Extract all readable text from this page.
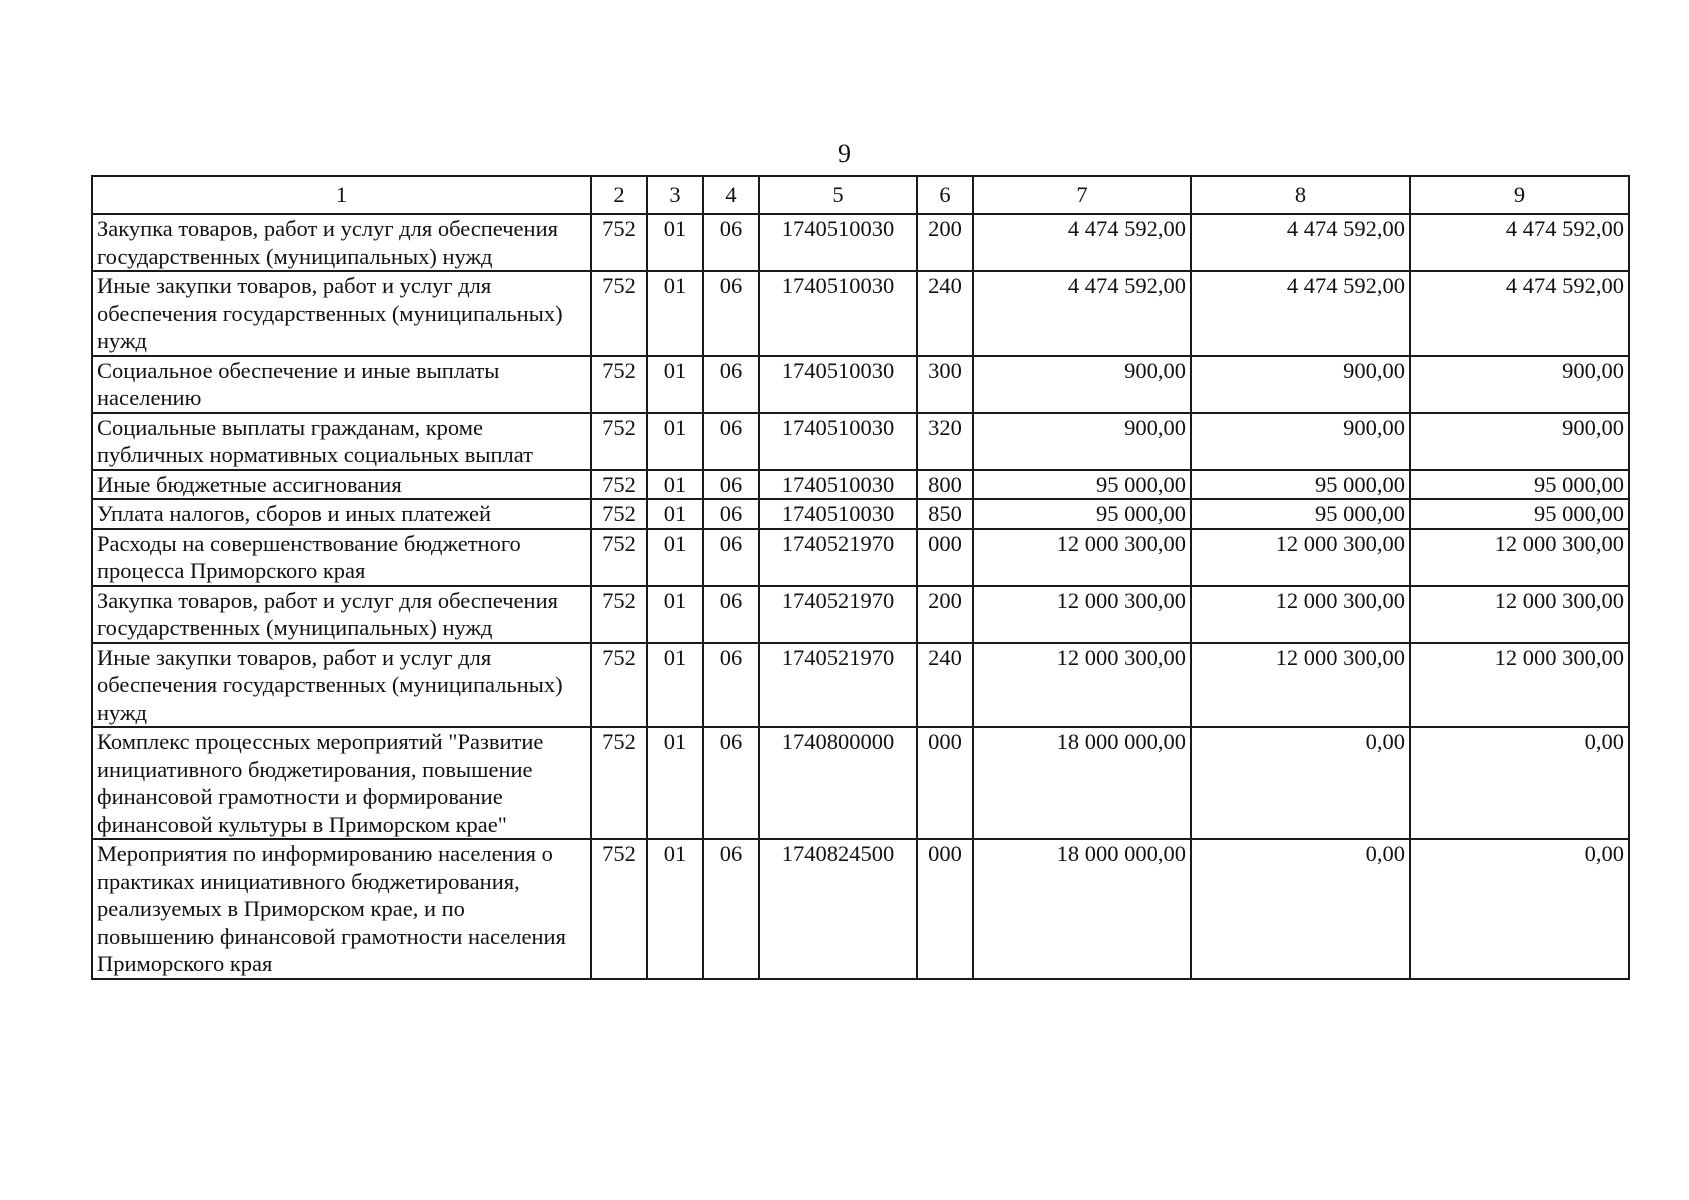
9
1	2	3	4	5	6	7	8	9
Закупка товаров, работ и услуг для обеспечения государственных (муниципальных) нужд	752	01	06	1740510030	200	4 474 592,00	4 474 592,00	4 474 592,00
Иные закупки товаров, работ и услуг для обеспечения государственных (муниципальных) нужд	752	01	06	1740510030	240	4 474 592,00	4 474 592,00	4 474 592,00
Социальное обеспечение и иные выплаты населению	752	01	06	1740510030	300	900,00	900,00	900,00
Социальные выплаты гражданам, кроме публичных нормативных социальных выплат	752	01	06	1740510030	320	900,00	900,00	900,00
Иные бюджетные ассигнования	752	01	06	1740510030	800	95 000,00	95 000,00	95 000,00
Уплата налогов, сборов и иных платежей	752	01	06	1740510030	850	95 000,00	95 000,00	95 000,00
Расходы на совершенствование бюджетного процесса Приморского края	752	01	06	1740521970	000	12 000 300,00	12 000 300,00	12 000 300,00
Закупка товаров, работ и услуг для обеспечения государственных (муниципальных) нужд	752	01	06	1740521970	200	12 000 300,00	12 000 300,00	12 000 300,00
Иные закупки товаров, работ и услуг для обеспечения государственных (муниципальных) нужд	752	01	06	1740521970	240	12 000 300,00	12 000 300,00	12 000 300,00
Комплекс процессных мероприятий "Развитие инициативного бюджетирования, повышение финансовой грамотности и формирование финансовой культуры в Приморском крае"	752	01	06	1740800000	000	18 000 000,00	0,00	0,00
Мероприятия по информированию населения о практиках инициативного бюджетирования, реализуемых в Приморском крае, и по повышению финансовой грамотности населения Приморского края	752	01	06	1740824500	000	18 000 000,00	0,00	0,00
